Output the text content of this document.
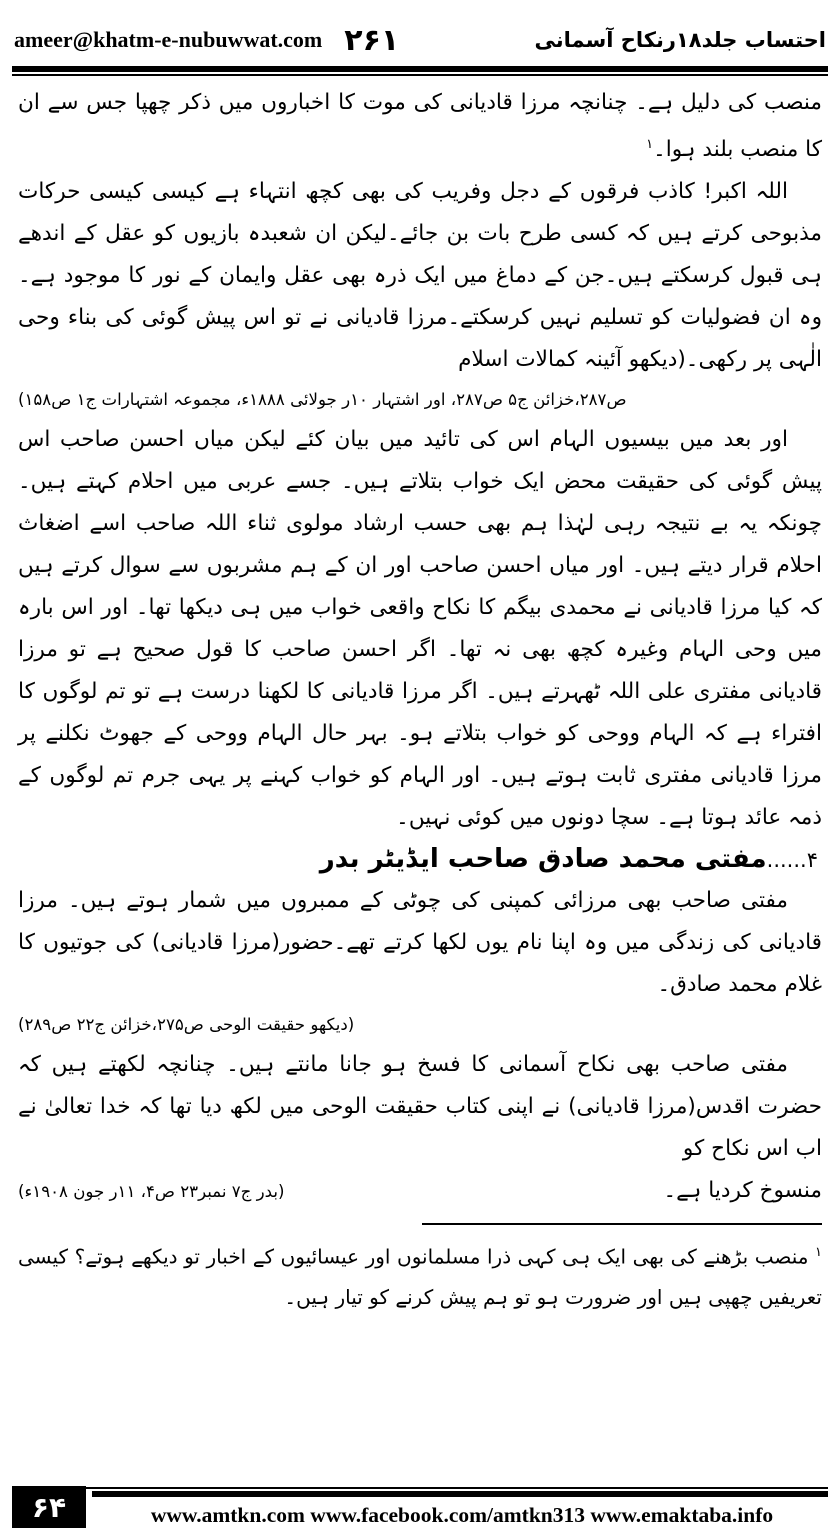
ameer@khatm-e-nubuwwat.com ۲۶۱	احتساب جلد۱۸رنکاح آسمانی

منصب کی دلیل ہے۔ چنانچہ مرزا قادیانی کی موت کا اخباروں میں ذکر چھپا جس سے ان کا منصب بلند ہوا۔$^۱$

اللہ اکبر! کاذب فرقوں کے دجل وفریب کی بھی کچھ انتہاء ہے کیسی کیسی حرکات مذبوحی کرتے ہیں کہ کسی طرح بات بن جائے۔لیکن ان شعبدہ بازیوں کو عقل کے اندھے ہی قبول کرسکتے ہیں۔جن کے دماغ میں ایک ذرہ بھی عقل وایمان کے نور کا موجود ہے۔ وہ ان فضولیات کو تسلیم نہیں کرسکتے۔مرزا قادیانی نے تو اس پیش گوئی کی بناء وحی الٰہی پر رکھی۔(دیکھو آئینہ کمالات اسلام

ص۲۸۷،خزائن ج۵ ص۲۸۷، اور اشتہار ۱۰ر جولائی ۱۸۸۸ء، مجموعہ اشتہارات ج۱ ص۱۵۸)

اور بعد میں بیسیوں الہام اس کی تائید میں بیان کئے لیکن میاں احسن صاحب اس پیش گوئی کی حقیقت محض ایک خواب بتلاتے ہیں۔ جسے عربی میں احلام کہتے ہیں۔ چونکہ یہ بے نتیجہ رہی لہٰذا ہم بھی حسب ارشاد مولوی ثناء اللہ صاحب اسے اضغاث احلام قرار دیتے ہیں۔ اور میاں احسن صاحب اور ان کے ہم مشربوں سے سوال کرتے ہیں کہ کیا مرزا قادیانی نے محمدی بیگم کا نکاح واقعی خواب میں ہی دیکھا تھا۔ اور اس بارہ میں وحی الہام وغیرہ کچھ بھی نہ تھا۔ اگر احسن صاحب کا قول صحیح ہے تو مرزا قادیانی مفتری علی اللہ ٹھہرتے ہیں۔ اگر مرزا قادیانی کا لکھنا درست ہے تو تم لوگوں کا افتراء ہے کہ الہام ووحی کو خواب بتلاتے ہو۔ بہر حال الہام ووحی کے جھوٹ نکلنے پر مرزا قادیانی مفتری ثابت ہوتے ہیں۔ اور الہام کو خواب کہنے پر یہی جرم تم لوگوں کے ذمہ عائد ہوتا ہے۔ سچا دونوں میں کوئی نہیں۔

۴......مفتی محمد صادق صاحب ایڈیٹر بدر

مفتی صاحب بھی مرزائی کمپنی کی چوٹی کے ممبروں میں شمار ہوتے ہیں۔ مرزا قادیانی کی زندگی میں وہ اپنا نام یوں لکھا کرتے تھے۔حضور(مرزا قادیانی) کی جوتیوں کا غلام محمد صادق۔

(دیکھو حقیقت الوحی ص۲۷۵،خزائن ج۲۲ ص۲۸۹)

مفتی صاحب بھی نکاح آسمانی کا فسخ ہو جانا مانتے ہیں۔ چنانچہ لکھتے ہیں کہ حضرت اقدس(مرزا قادیانی) نے اپنی کتاب حقیقت الوحی میں لکھ دیا تھا کہ خدا تعالیٰ نے اب اس نکاح کو

منسوخ کردیا ہے۔
(بدر ج۷ نمبر۲۳ ص۴، ۱۱ر جون ۱۹۰۸ء)

$^۱$ منصب بڑھنے کی بھی ایک ہی کہی ذرا مسلمانوں اور عیسائیوں کے اخبار تو دیکھے ہوتے؟ کیسی تعریفیں چھپی ہیں اور ضرورت ہو تو ہم پیش کرنے کو تیار ہیں۔

۶۴	www.amtkn.com www.facebook.com/amtkn313 www.emaktaba.info
